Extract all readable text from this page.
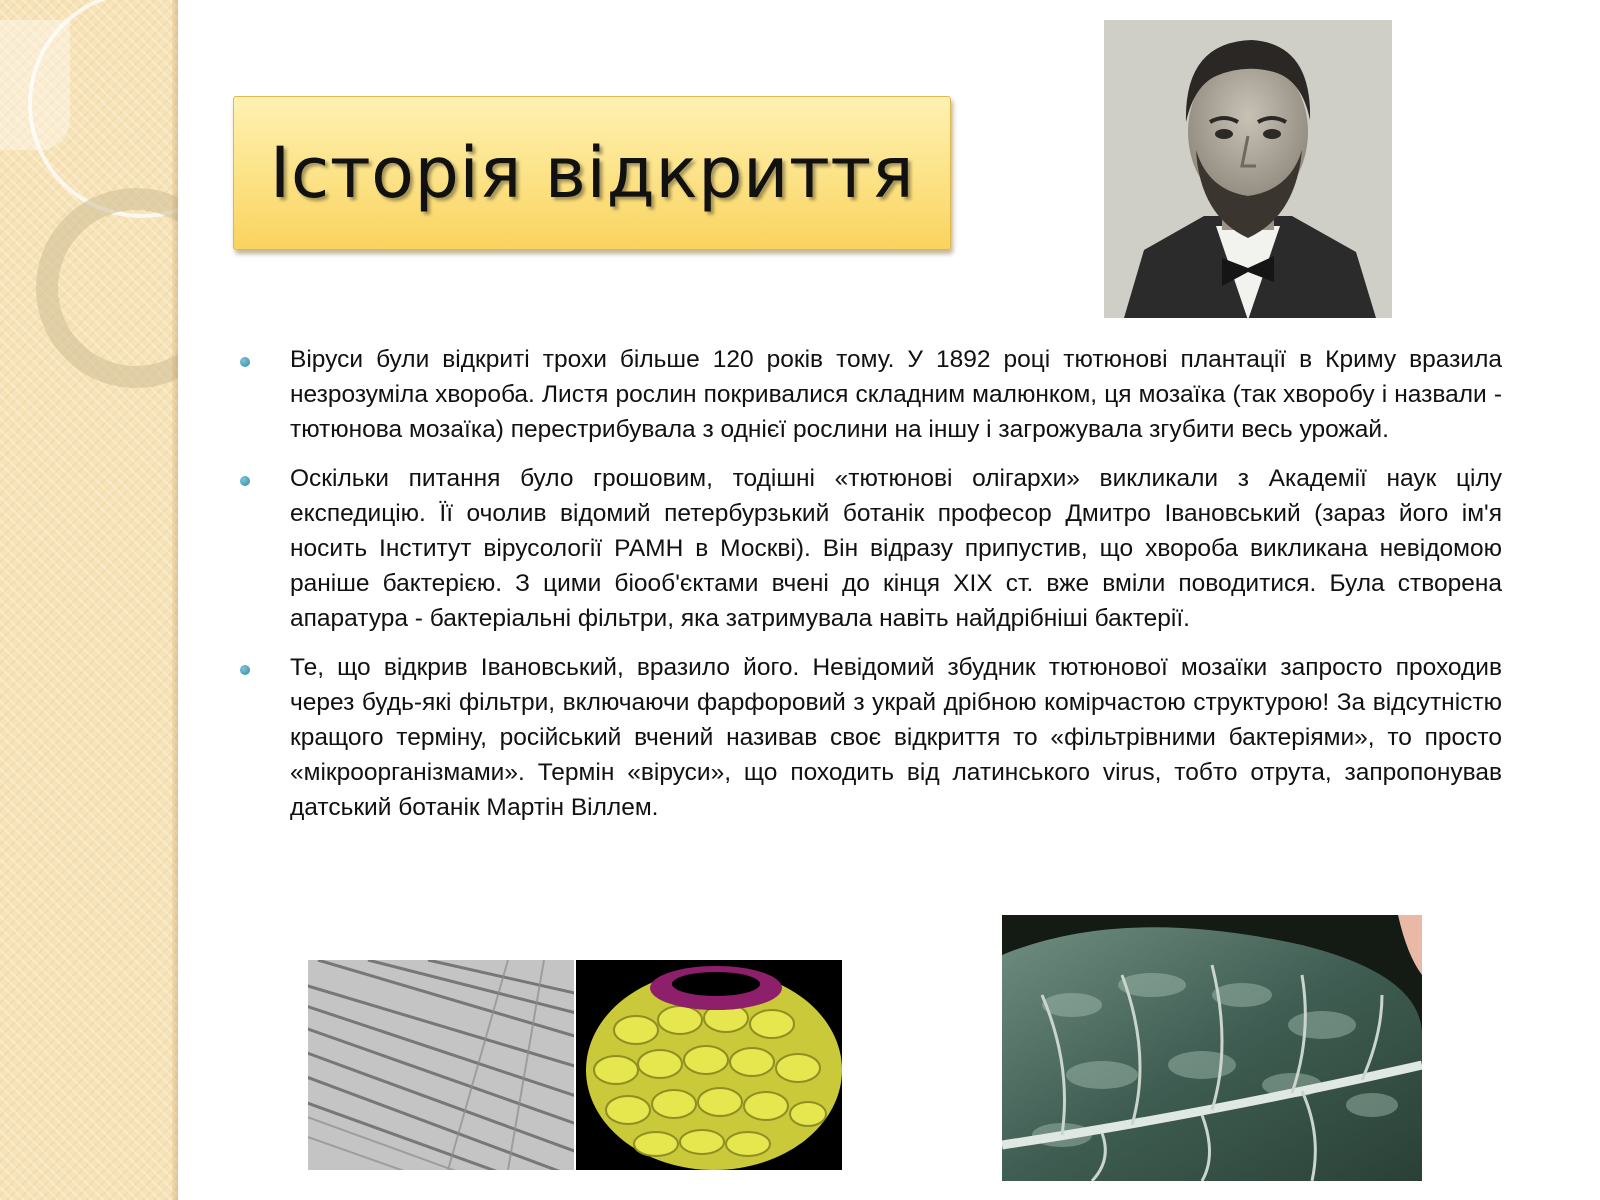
Історія відкриття
Віруси були відкриті трохи більше 120 років тому. У 1892 році тютюнові плантації в Криму вразила незрозуміла хвороба. Листя рослин покривалися складним малюнком, ця мозаїка (так хворобу і назвали - тютюнова мозаїка) перестрибувала з однієї рослини на іншу і загрожувала згубити весь урожай.
Оскільки питання було грошовим, тодішні «тютюнові олігархи» викликали з Академії наук цілу експедицію. Її очолив відомий петербурзький ботанік професор Дмитро Івановський (зараз його ім'я носить Інститут вірусології РАМН в Москві). Він відразу припустив, що хвороба викликана невідомою раніше бактерією. З цими біооб'єктами вчені до кінця XIX ст. вже вміли поводитися. Була створена апаратура - бактеріальні фільтри, яка затримувала навіть найдрібніші бактерії.
Те, що відкрив Івановський, вразило його. Невідомий збудник тютюнової мозаїки запросто проходив через будь-які фільтри, включаючи фарфоровий з украй дрібною комірчастою структурою! За відсутністю кращого терміну, російський вчений називав своє відкриття то «фільтрівними бактеріями», то просто «мікроорганізмами». Термін «віруси», що походить від латинського virus, тобто отрута, запропонував датський ботанік Мартін Віллем.
